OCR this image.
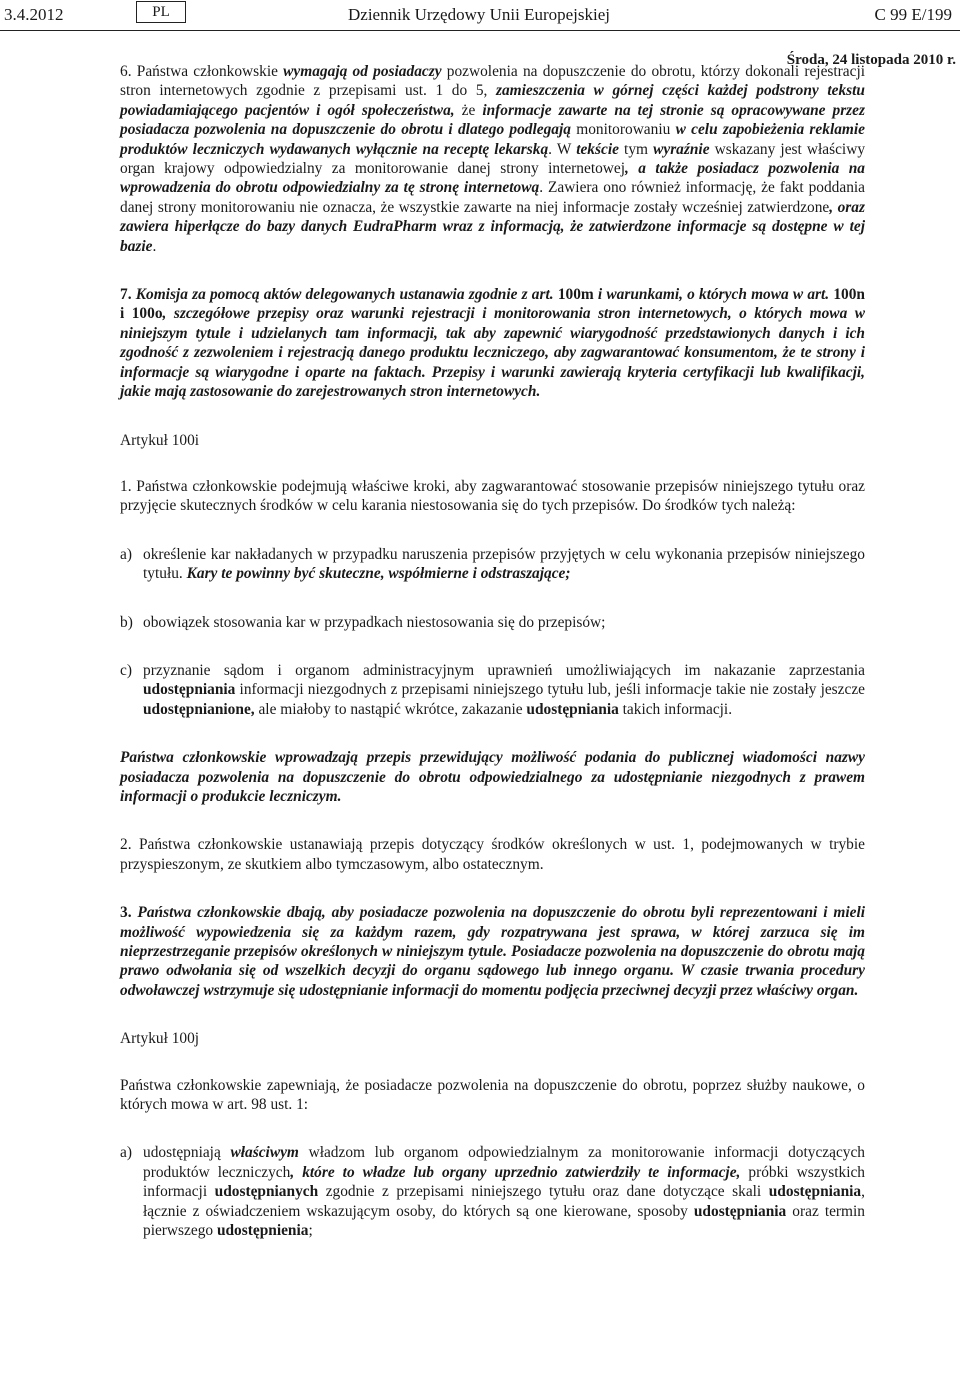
3.4.2012	PL	Dziennik Urzędowy Unii Europejskiej	C 99 E/199
Środa, 24 listopada 2010 r.

6. Państwa członkowskie wymagają od posiadaczy pozwolenia na dopuszczenie do obrotu, którzy dokonali rejestracji stron internetowych zgodnie z przepisami ust. 1 do 5, zamieszczenia w górnej części każdej podstrony tekstu powiadamiającego pacjentów i ogół społeczeństwa, że informacje zawarte na tej stronie są opracowywane przez posiadacza pozwolenia na dopuszczenie do obrotu i dlatego podlegają monitorowaniu w celu zapobieżenia reklamie produktów leczniczych wydawanych wyłącznie na receptę lekarską. W tekście tym wyraźnie wskazany jest właściwy organ krajowy odpowiedzialny za monitorowanie danej strony internetowej, a także posiadacz pozwolenia na wprowadzenia do obrotu odpowiedzialny za tę stronę internetową. Zawiera ono również informację, że fakt poddania danej strony monitorowaniu nie oznacza, że wszystkie zawarte na niej informacje zostały wcześniej zatwierdzone, oraz zawiera hiperłącze do bazy danych EudraPharm wraz z informacją, że zatwierdzone informacje są dostępne w tej bazie.

7. Komisja za pomocą aktów delegowanych ustanawia zgodnie z art. 100m i warunkami, o których mowa w art. 100n i 100o, szczegółowe przepisy oraz warunki rejestracji i monitorowania stron internetowych, o których mowa w niniejszym tytule i udzielanych tam informacji, tak aby zapewnić wiarygodność przedstawionych danych i ich zgodność z zezwoleniem i rejestracją danego produktu leczniczego, aby zagwarantować konsumentom, że te strony i informacje są wiarygodne i oparte na faktach. Przepisy i warunki zawierają kryteria certyfikacji lub kwalifikacji, jakie mają zastosowanie do zarejestrowanych stron internetowych.

Artykuł 100i

1. Państwa członkowskie podejmują właściwe kroki, aby zagwarantować stosowanie przepisów niniejszego tytułu oraz przyjęcie skutecznych środków w celu karania niestosowania się do tych przepisów. Do środków tych należą:

a) określenie kar nakładanych w przypadku naruszenia przepisów przyjętych w celu wykonania przepisów niniejszego tytułu. Kary te powinny być skuteczne, współmierne i odstraszające;

b) obowiązek stosowania kar w przypadkach niestosowania się do przepisów;

c) przyznanie sądom i organom administracyjnym uprawnień umożliwiających im nakazanie zaprzestania udostępniania informacji niezgodnych z przepisami niniejszego tytułu lub, jeśli informacje takie nie zostały jeszcze udostępnianione, ale miałoby to nastąpić wkrótce, zakazanie udostępniania takich informacji.

Państwa członkowskie wprowadzają przepis przewidujący możliwość podania do publicznej wiadomości nazwy posiadacza pozwolenia na dopuszczenie do obrotu odpowiedzialnego za udostępnianie niezgodnych z prawem informacji o produkcie leczniczym.

2. Państwa członkowskie ustanawiają przepis dotyczący środków określonych w ust. 1, podejmowanych w trybie przyspieszonym, ze skutkiem albo tymczasowym, albo ostatecznym.

3. Państwa członkowskie dbają, aby posiadacze pozwolenia na dopuszczenie do obrotu byli reprezentowani i mieli możliwość wypowiedzenia się za każdym razem, gdy rozpatrywana jest sprawa, w której zarzuca się im nieprzestrzeganie przepisów określonych w niniejszym tytule. Posiadacze pozwolenia na dopuszczenie do obrotu mają prawo odwołania się od wszelkich decyzji do organu sądowego lub innego organu. W czasie trwania procedury odwoławczej wstrzymuje się udostępnianie informacji do momentu podjęcia przeciwnej decyzji przez właściwy organ.

Artykuł 100j

Państwa członkowskie zapewniają, że posiadacze pozwolenia na dopuszczenie do obrotu, poprzez służby naukowe, o których mowa w art. 98 ust. 1:

a) udostępniają właściwym władzom lub organom odpowiedzialnym za monitorowanie informacji dotyczących produktów leczniczych, które to władze lub organy uprzednio zatwierdziły te informacje, próbki wszystkich informacji udostępnianych zgodnie z przepisami niniejszego tytułu oraz dane dotyczące skali udostępniania, łącznie z oświadczeniem wskazującym osoby, do których są one kierowane, sposoby udostępniania oraz termin pierwszego udostępnienia;
